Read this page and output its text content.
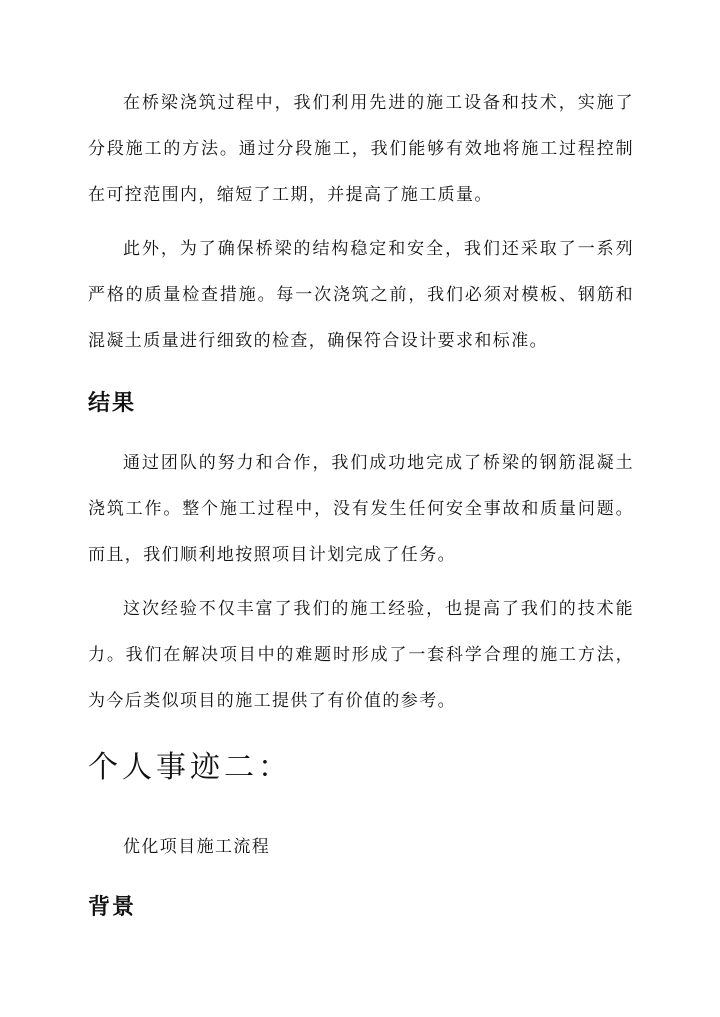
在桥梁浇筑过程中，我们利用先进的施工设备和技术，实施了分段施工的方法。通过分段施工，我们能够有效地将施工过程控制在可控范围内，缩短了工期，并提高了施工质量。

此外，为了确保桥梁的结构稳定和安全，我们还采取了一系列严格的质量检查措施。每一次浇筑之前，我们必须对模板、钢筋和混凝土质量进行细致的检查，确保符合设计要求和标准。

结果

通过团队的努力和合作，我们成功地完成了桥梁的钢筋混凝土浇筑工作。整个施工过程中，没有发生任何安全事故和质量问题。而且，我们顺利地按照项目计划完成了任务。

这次经验不仅丰富了我们的施工经验，也提高了我们的技术能力。我们在解决项目中的难题时形成了一套科学合理的施工方法，为今后类似项目的施工提供了有价值的参考。

个人事迹二：

优化项目施工流程

背景
